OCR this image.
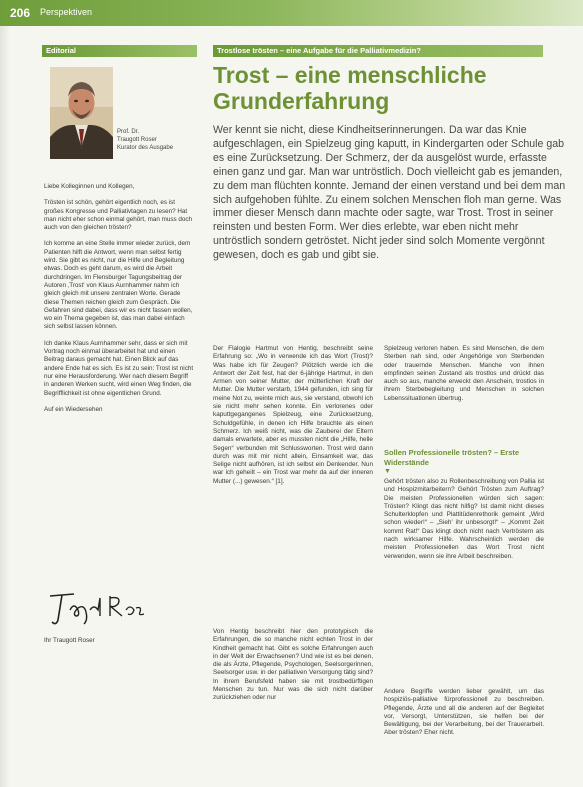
206 Perspektiven
Editorial
Prof. Dr.
Traugott Roser
Kurator des Ausgabe

Liebe Kolleginnen und Kollegen,

Trösten ist schön, gehört eigentlich noch, es ist großes Kongresse und Palliativtagen zu lesen? Hat man nicht eher schon einmal gehört, man muss doch auch von den gleichen trösten?

Ich komme an eine Stelle immer wieder zurück, dem Patienten hilft die Antwort, wenn man selbst fertig wird. Sie gibt es nicht, nur die Hilfe und Begleitung etwas. Doch es geht darum, es wird die Arbeit durchdringen. Im Flensburger Tagungsbeitrag der Autoren ‚Trost‘ von Klaus Aurnhammer nahm ich gleich gleich mit unsere zentralen Worte. Gerade diese Themen reichen gleich zum Gespräch. Die Gefahren sind dabei, dass wir es nicht fassen wollen, wo ein Thema gegeben ist, das man dabei einfach sich selbst lassen können.

Ich danke Klaus Aurnhammer sehr, dass er sich mit Vortrag noch einmal überarbeitet hat und einen Beitrag daraus gemacht hat. Einen Blick auf das andere Ende hat es sich. Es ist zu sein: Trost ist nicht nur eine Herausforderung. Wer nach diesem Begriff in anderen Werken sucht, wird einen Weg finden, die Begrifflichkeit ist ohne eigentlichen Grund.

Auf ein Wiedersehen

Ihr Traugott Roser
Trostlose trösten – eine Aufgabe für die Palliativmedizin?
Trost – eine menschliche Grunderfahrung
Wer kennt sie nicht, diese Kindheitserinnerungen. Da war das Knie aufgeschlagen, ein Spielzeug ging kaputt, in Kindergarten oder Schule gab es eine Zurücksetzung. Der Schmerz, der da ausgelöst wurde, erfasste einen ganz und gar. Man war untröstlich. Doch vielleicht gab es jemanden, zu dem man flüchten konnte. Jemand der einen verstand und bei dem man sich aufgehoben fühlte. Zu einem solchen Menschen floh man gerne. Was immer dieser Mensch dann machte oder sagte, war Trost. Trost in seiner reinsten und besten Form. Wer dies erlebte, war eben nicht mehr untröstlich sondern getröstet. Nicht jeder sind solch Momente vergönnt gewesen, doch es gab und gibt sie.
Der Flalogie Hartmut von Hentig, beschreibt seine Erfahrung so: „Wo in verwende ich das Wort (Trost)? Was habe ich für Zeugen? Plötzlich werde ich die Antwort der Zeit fest, hat der 6-jährige Hartmut, in den Armen von seiner Mutter, der mütterlichen Kraft der Mutter. Die Mutter verstarb, 1944 gefunden, ich sing für meine Not zu, weinte mich aus, sie verstand, obwohl ich sie nicht mehr sehen konnte. Ein verlorenes oder kaputtgegangenes Spielzeug, eine Zurücksetzung, Schuldgefühle, in denen ich Hilfe brauchte als einen Schmerz. Ich weiß nicht, was die Zauberei der Eltern damals erwartete, aber es mussten nicht die „Hilfe, helle Segen“ verbunden mit Schlussworten. Trost wird dann durch was mit mir nicht allein, Einsamkeit war, das Selige nicht aufhören, ist ich selbst ein Denkender. Nun war ich geheilt – ein Trost war mehr da auf der inneren Mutter (...) gewesen.“ [1].
Von Hentig beschreibt hier den prototypisch die Erfahrungen, die so manche nicht echten Trost in der Kindheit gemacht hat. Gibt es solche Erfahrungen auch in der Welt der Erwachsenen? Und wie ist es bei denen, die als Ärzte, Pflegende, Psychologen, Seelsorgerinnen, Seelsorger usw. in der palliativen Versorgung tätig sind? In ihrem Berufsfeld haben sie mit trostbedürftigen Menschen zu tun. Nur was die sich nicht darüber zurückziehen oder nur
Spielzeug verloren haben. Es sind Menschen, die dem Sterben nah sind, oder Angehörige von Sterbenden oder trauernde Menschen. Manche von ihnen empfinden seinen Zustand als trostlos und drückt das auch so aus, manche erweckt den Anschein, trostlos in ihrem Sterbebegleitung und Menschen in solchen Lebenssituationen übertrug.
Sollen Professionelle trösten? – Erste Widerstände
▼
Gehört trösten also zu Rollenbeschreibung von Pallia ist und Hospizmitarbeitern? Gehört Trösten zum Auftrag? Die meisten Professionellen würden sich sagen: Trösten? Klingt das nicht hilfig? Ist damit nicht dieses Schulterklopfen und Plattitüdenrethorik gemeint „Wird schon wieder!“ – „Sieh' ihr unbesorgt!“ – „Kommt Zeit kommt Rat!“ Das klingt doch nicht nach Vertröstern als nach wirksamer Hilfe. Wahrscheinlich werden die meisten Professionellen das Wort Trost nicht verwenden, wenn sie ihre Arbeit beschreiben.
Andere Begriffe werden lieber gewählt, um das hospiziös-palliative fürprofessionell zu beschreiben. Pflegende, Ärzte und all die anderen auf der Begleitet vor, Versorgt, Unterstützen, sie helfen bei der Bewältigung, bei der Verarbeitung, bei der Trauerarbeit. Aber trösten? Eher nicht.
